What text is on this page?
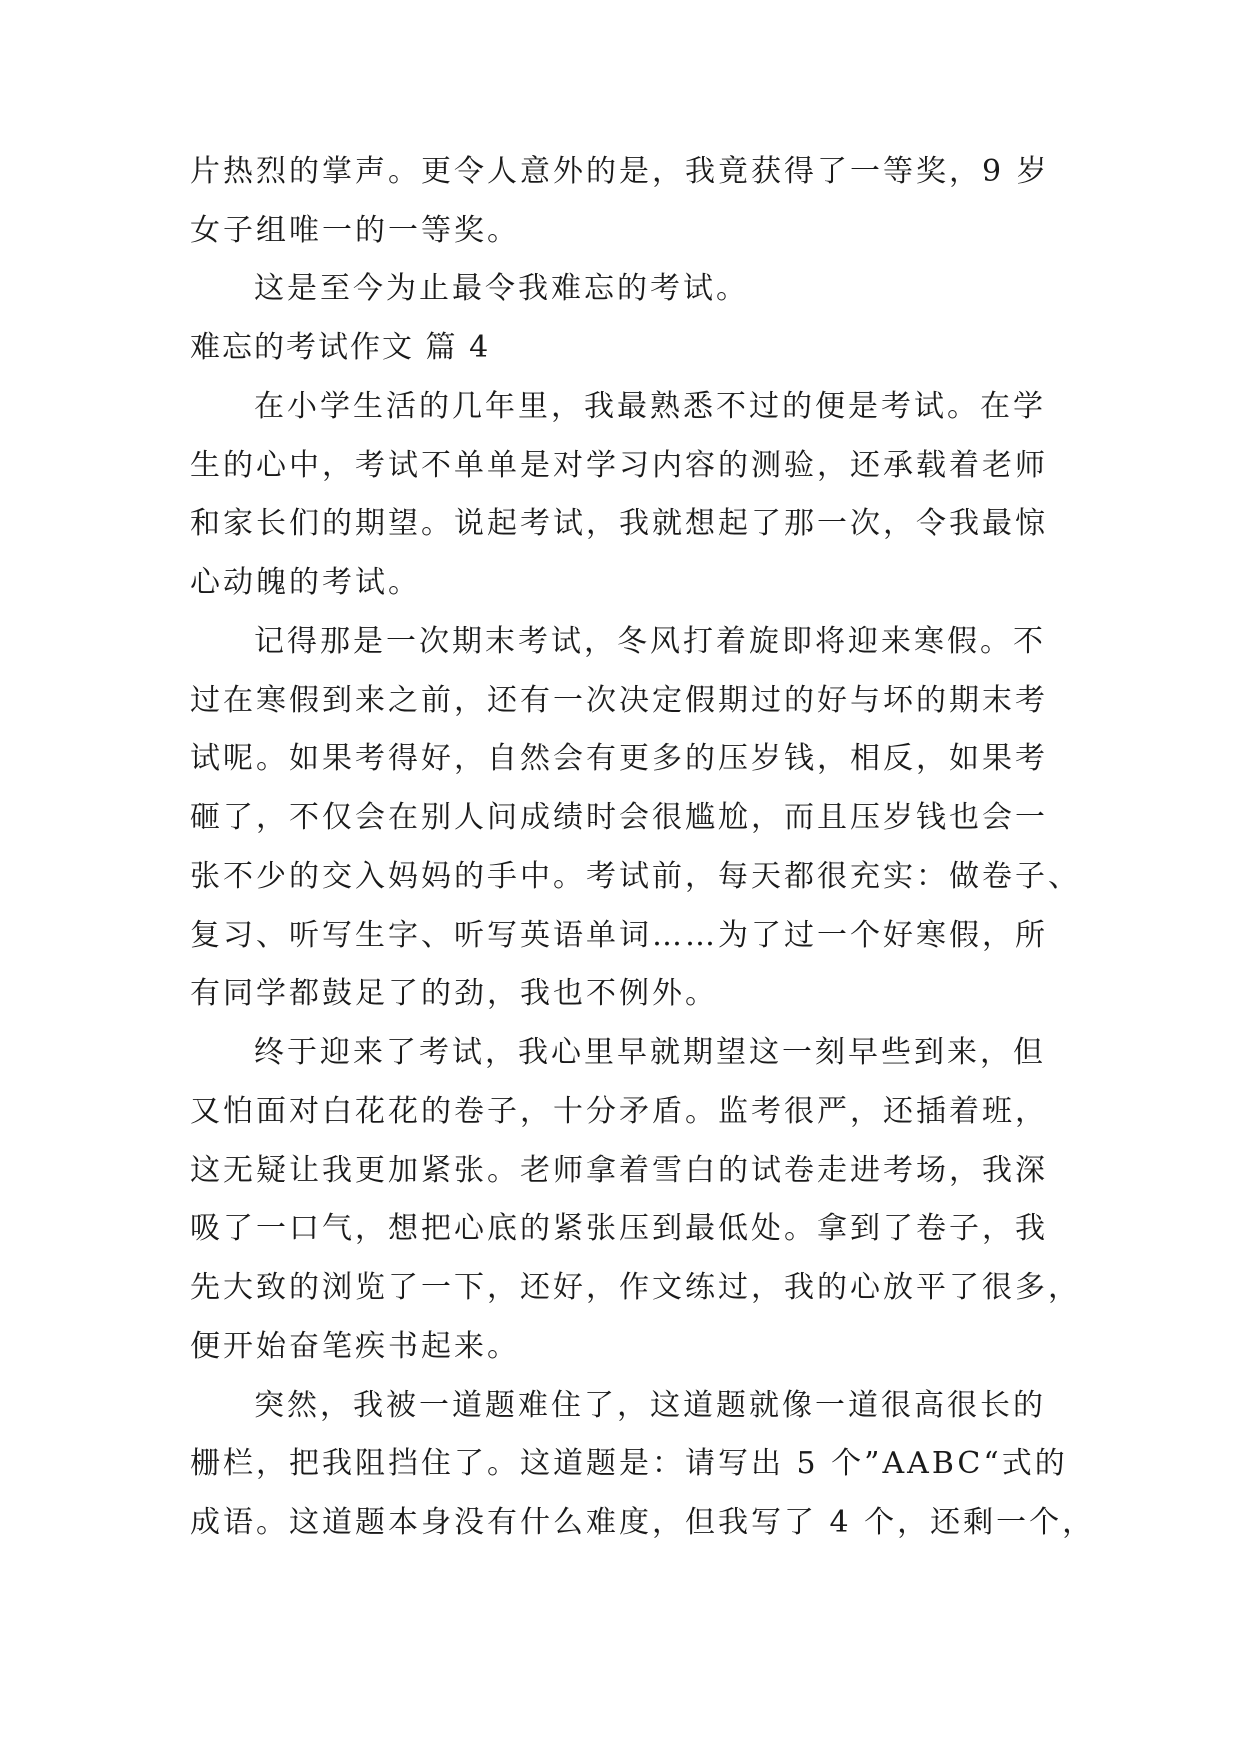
片热烈的掌声。更令人意外的是，我竟获得了一等奖，9 岁
女子组唯一的一等奖。
这是至今为止最令我难忘的考试。
难忘的考试作文 篇 4
在小学生活的几年里，我最熟悉不过的便是考试。在学
生的心中，考试不单单是对学习内容的测验，还承载着老师
和家长们的期望。说起考试，我就想起了那一次，令我最惊
心动魄的考试。
记得那是一次期末考试，冬风打着旋即将迎来寒假。不
过在寒假到来之前，还有一次决定假期过的好与坏的期末考
试呢。如果考得好，自然会有更多的压岁钱，相反，如果考
砸了，不仅会在别人问成绩时会很尴尬，而且压岁钱也会一
张不少的交入妈妈的手中。考试前，每天都很充实：做卷子、
复习、听写生字、听写英语单词……为了过一个好寒假，所
有同学都鼓足了的劲，我也不例外。
终于迎来了考试，我心里早就期望这一刻早些到来，但
又怕面对白花花的卷子，十分矛盾。监考很严，还插着班，
这无疑让我更加紧张。老师拿着雪白的试卷走进考场，我深
吸了一口气，想把心底的紧张压到最低处。拿到了卷子，我
先大致的浏览了一下，还好，作文练过，我的心放平了很多，
便开始奋笔疾书起来。
突然，我被一道题难住了，这道题就像一道很高很长的
栅栏，把我阻挡住了。这道题是：请写出 5 个”AABC“式的
成语。这道题本身没有什么难度，但我写了 4 个，还剩一个，
